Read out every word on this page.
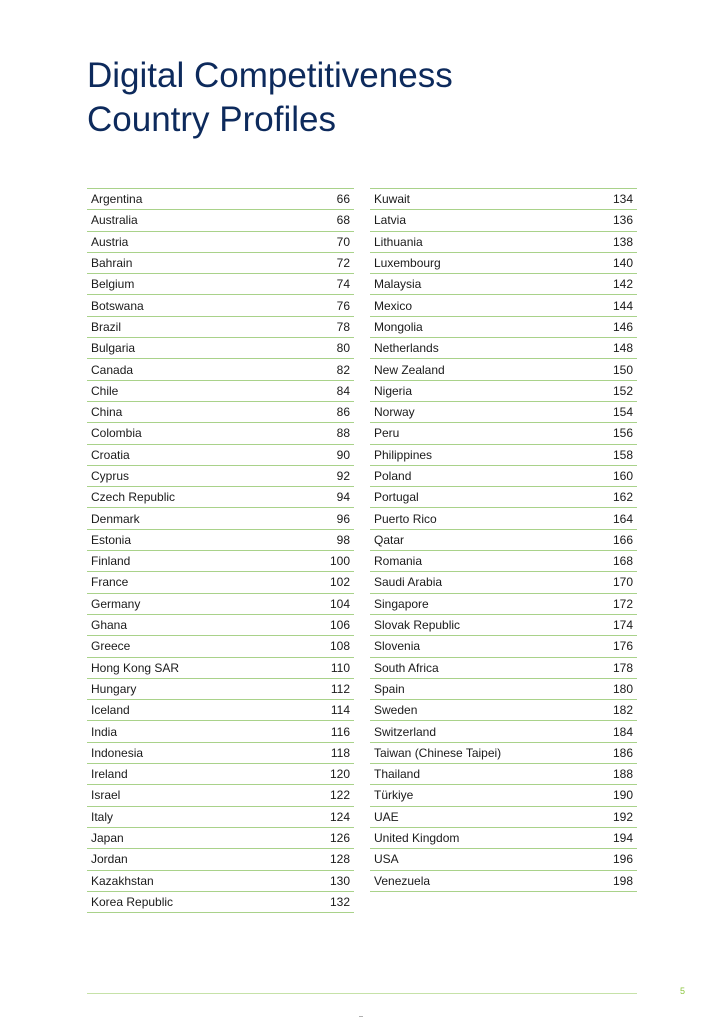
Digital Competitiveness
Country Profiles
Argentina	66
Australia	68
Austria	70
Bahrain	72
Belgium	74
Botswana	76
Brazil	78
Bulgaria	80
Canada	82
Chile	84
China	86
Colombia	88
Croatia	90
Cyprus	92
Czech Republic	94
Denmark	96
Estonia	98
Finland	100
France	102
Germany	104
Ghana	106
Greece	108
Hong Kong SAR	110
Hungary	112
Iceland	114
India	116
Indonesia	118
Ireland	120
Israel	122
Italy	124
Japan	126
Jordan	128
Kazakhstan	130
Korea Republic	132
Kuwait	134
Latvia	136
Lithuania	138
Luxembourg	140
Malaysia	142
Mexico	144
Mongolia	146
Netherlands	148
New Zealand	150
Nigeria	152
Norway	154
Peru	156
Philippines	158
Poland	160
Portugal	162
Puerto Rico	164
Qatar	166
Romania	168
Saudi Arabia	170
Singapore	172
Slovak Republic	174
Slovenia	176
South Africa	178
Spain	180
Sweden	182
Switzerland	184
Taiwan (Chinese Taipei)	186
Thailand	188
Türkiye	190
UAE	192
United Kingdom	194
USA	196
Venezuela	198
5
